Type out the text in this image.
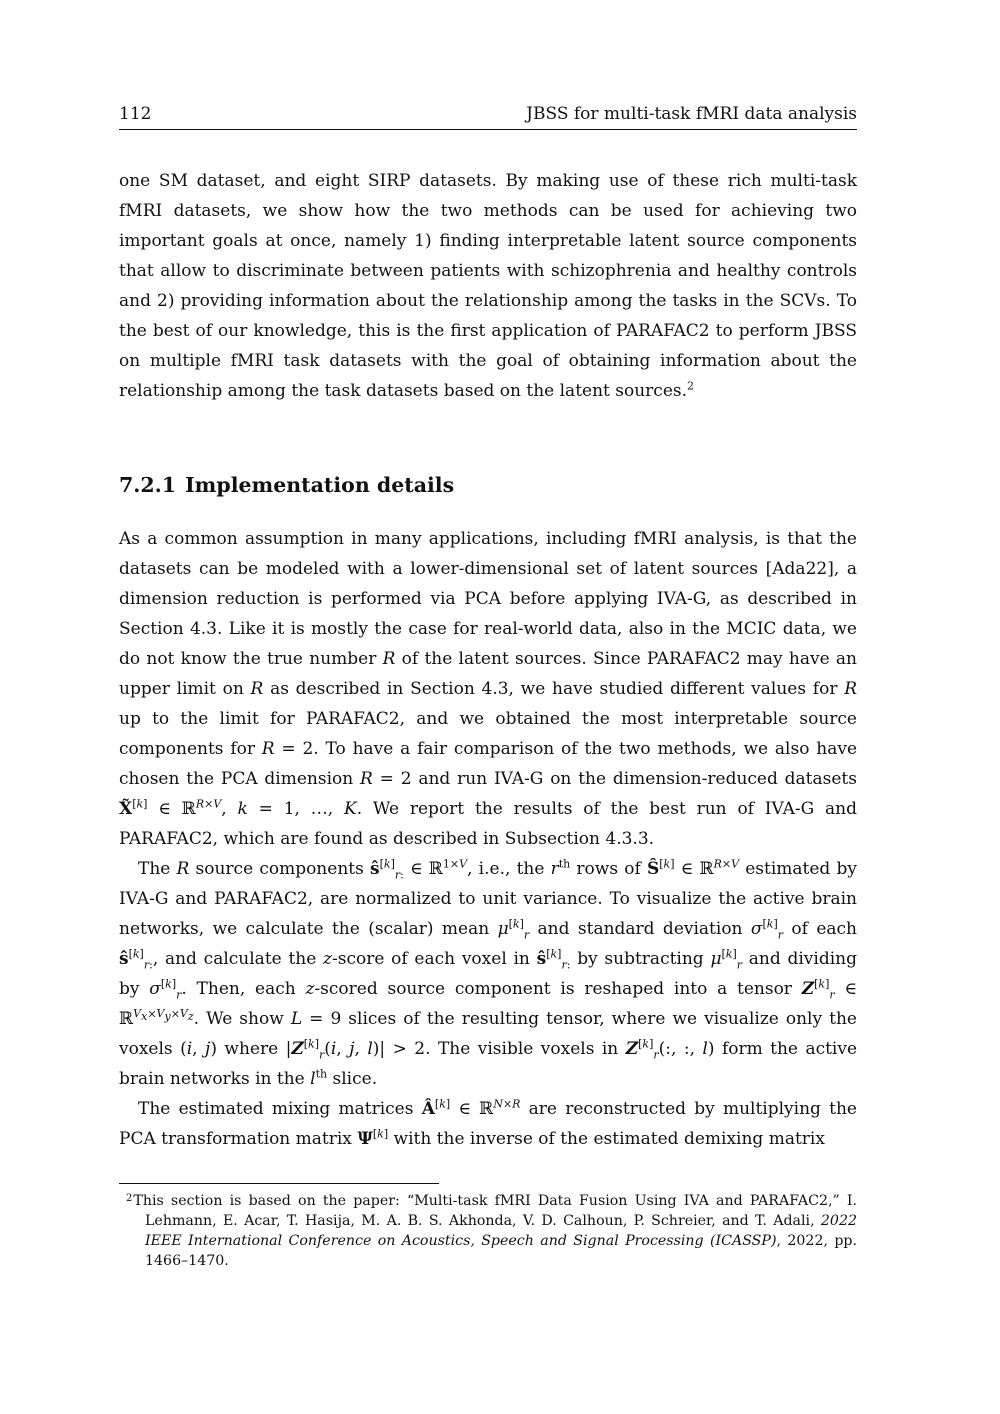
112	JBSS for multi-task fMRI data analysis

one SM dataset, and eight SIRP datasets. By making use of these rich multi-task fMRI datasets, we show how the two methods can be used for achieving two important goals at once, namely 1) finding interpretable latent source components that allow to discriminate between patients with schizophrenia and healthy controls and 2) providing information about the relationship among the tasks in the SCVs. To the best of our knowledge, this is the first application of PARAFAC2 to perform JBSS on multiple fMRI task datasets with the goal of obtaining information about the relationship among the task datasets based on the latent sources.$^2$

7.2.1 Implementation details

As a common assumption in many applications, including fMRI analysis, is that the datasets can be modeled with a lower-dimensional set of latent sources [Ada22], a dimension reduction is performed via PCA before applying IVA-G, as described in Section 4.3. Like it is mostly the case for real-world data, also in the MCIC data, we do not know the true number R of the latent sources. Since PARAFAC2 may have an upper limit on R as described in Section 4.3, we have studied different values for R up to the limit for PARAFAC2, and we obtained the most interpretable source components for R = 2. To have a fair comparison of the two methods, we also have chosen the PCA dimension R = 2 and run IVA-G on the dimension-reduced datasets X̃[k] ∈ ℝ$^{R\times V}$, k = 1, …, K. We report the results of the best run of IVA-G and PARAFAC2, which are found as described in Subsection 4.3.3.

The R source components $ŝ[k]_{r:}$ ∈ ℝ$^{1\times V}$, i.e., the $r^{th}$ rows of Ŝ[k] ∈ ℝ$^{R\times V}$ estimated by IVA-G and PARAFAC2, are normalized to unit variance. To visualize the active brain networks, we calculate the (scalar) mean $\mu[k]_r$ and standard deviation $\sigma[k]_r$ of each $ŝ[k]_{r:}$, and calculate the z-score of each voxel in $ŝ[k]_{r:}$ by subtracting $\mu[k]_r$ and dividing by $\sigma[k]_r$. Then, each z-scored source component is reshaped into a tensor $Z[k]_r$ ∈ ℝ$^{V_x\times V_y\times V_z}$. We show L = 9 slices of the resulting tensor, where we visualize only the voxels (i, j) where $|Z[k]_r(i$, j, l)| > 2. The visible voxels in $Z[k]_r$(:, :, l) form the active brain networks in the $l^{th}$ slice.

The estimated mixing matrices Â[k] ∈ ℝ$^{N\times R}$ are reconstructed by multiplying the PCA transformation matrix Ψ[k] with the inverse of the estimated demixing matrix

$^2$This section is based on the paper: “Multi-task fMRI Data Fusion Using IVA and PARAFAC2,” I. Lehmann, E. Acar, T. Hasija, M. A. B. S. Akhonda, V. D. Calhoun, P. Schreier, and T. Adali, 2022 IEEE International Conference on Acoustics, Speech and Signal Processing (ICASSP), 2022, pp. 1466–1470.
